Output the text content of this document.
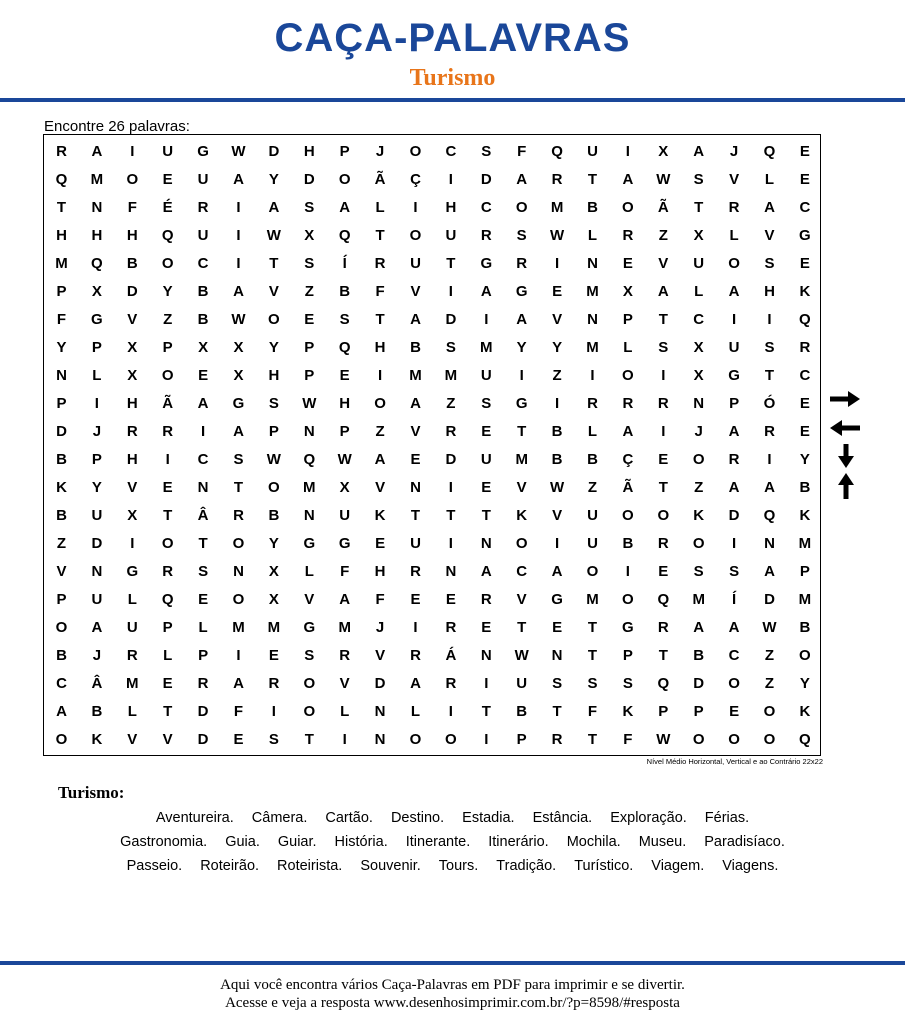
CAÇA-PALAVRAS
Turismo
Encontre 26 palavras:
R	A	I	U	G	W	D	H	P	J	O	C	S	F	Q	U	I	X	A	J	Q	E
Q	M	O	E	U	A	Y	D	O	Ã	Ç	I	D	A	R	T	A	W	S	V	L	E
T	N	F	É	R	I	A	S	A	L	I	H	C	O	M	B	O	Ã	T	R	A	C
H	H	H	Q	U	I	W	X	Q	T	O	U	R	S	W	L	R	Z	X	L	V	G
M	Q	B	O	C	I	T	S	Í	R	U	T	G	R	I	N	E	V	U	O	S	E
P	X	D	Y	B	A	V	Z	B	F	V	I	A	G	E	M	X	A	L	A	H	K
F	G	V	Z	B	W	O	E	S	T	A	D	I	A	V	N	P	T	C	I	I	Q
Y	P	X	P	X	X	Y	P	Q	H	B	S	M	Y	Y	M	L	S	X	U	S	R
N	L	X	O	E	X	H	P	E	I	M	M	U	I	Z	I	O	I	X	G	T	C
P	I	H	Ã	A	G	S	W	H	O	A	Z	S	G	I	R	R	R	N	P	Ó	E
D	J	R	R	I	A	P	N	P	Z	V	R	E	T	B	L	A	I	J	A	R	E
B	P	H	I	C	S	W	Q	W	A	E	D	U	M	B	B	Ç	E	O	R	I	Y
K	Y	V	E	N	T	O	M	X	V	N	I	E	V	W	Z	Ã	T	Z	A	A	B
B	U	X	T	Â	R	B	N	U	K	T	T	T	K	V	U	O	O	K	D	Q	K
Z	D	I	O	T	O	Y	G	G	E	U	I	N	O	I	U	B	R	O	I	N	M
V	N	G	R	S	N	X	L	F	H	R	N	A	C	A	O	I	E	S	S	A	P
P	U	L	Q	E	O	X	V	A	F	E	E	R	V	G	M	O	Q	M	Í	D	M
O	A	U	P	L	M	M	G	M	J	I	R	E	T	E	T	G	R	A	A	W	B
B	J	R	L	P	I	E	S	R	V	R	Á	N	W	N	T	P	T	B	C	Z	O
C	Â	M	E	R	A	R	O	V	D	A	R	I	U	S	S	S	Q	D	O	Z	Y
A	B	L	T	D	F	I	O	L	N	L	I	T	B	T	F	K	P	P	E	O	K
O	K	V	V	D	E	S	T	I	N	O	O	I	P	R	T	F	W	O	O	O	Q
Nível Médio Horizontal, Vertical e ao Contrário 22x22
Turismo:
Aventureira. Câmera. Cartão. Destino. Estadia. Estância. Exploração. Férias.
Gastronomia. Guia. Guiar. História. Itinerante. Itinerário. Mochila. Museu. Paradisíaco.
Passeio. Roteirão. Roteirista. Souvenir. Tours. Tradição. Turístico. Viagem. Viagens.
Aqui você encontra vários Caça-Palavras em PDF para imprimir e se divertir.
Acesse e veja a resposta www.desenhosimprimir.com.br/?p=8598/#resposta
